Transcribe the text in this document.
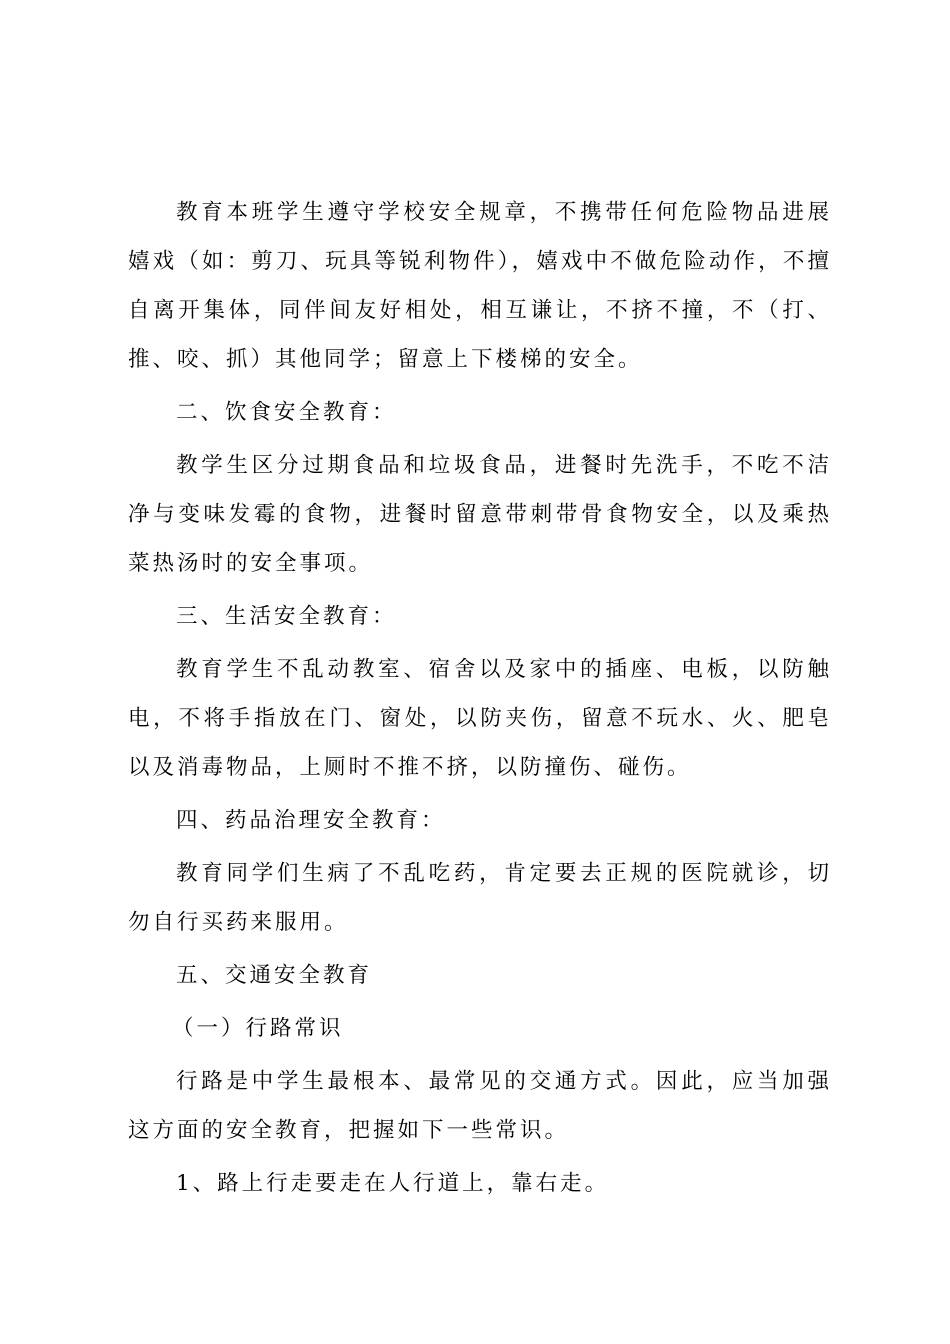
教育本班学生遵守学校安全规章，不携带任何危险物品进展嬉戏（如：剪刀、玩具等锐利物件），嬉戏中不做危险动作，不擅自离开集体，同伴间友好相处，相互谦让，不挤不撞，不（打、推、咬、抓）其他同学；留意上下楼梯的安全。

二、饮食安全教育：

教学生区分过期食品和垃圾食品，进餐时先洗手，不吃不洁净与变味发霉的食物，进餐时留意带刺带骨食物安全，以及乘热菜热汤时的安全事项。

三、生活安全教育：

教育学生不乱动教室、宿舍以及家中的插座、电板，以防触电，不将手指放在门、窗处，以防夹伤，留意不玩水、火、肥皂以及消毒物品，上厕时不推不挤，以防撞伤、碰伤。

四、药品治理安全教育：

教育同学们生病了不乱吃药，肯定要去正规的医院就诊，切勿自行买药来服用。

五、交通安全教育

（一）行路常识

行路是中学生最根本、最常见的交通方式。因此，应当加强这方面的安全教育，把握如下一些常识。

1、路上行走要走在人行道上，靠右走。
